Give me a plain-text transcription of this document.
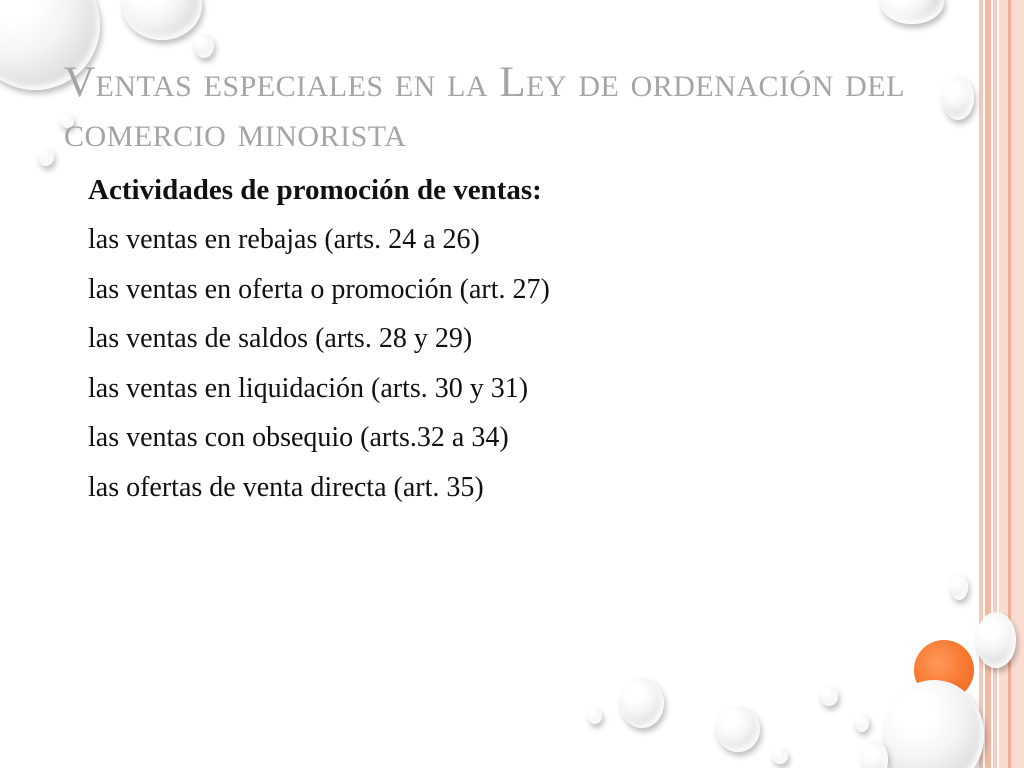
Ventas especiales en la Ley de ordenación del comercio minorista

Actividades de promoción de ventas:

las ventas en rebajas (arts. 24 a 26)
las ventas en oferta o promoción (art. 27)
las ventas de saldos (arts. 28 y 29)
las ventas en liquidación (arts. 30 y 31)
las ventas con obsequio (arts.32 a 34)
las ofertas de venta directa (art. 35)
